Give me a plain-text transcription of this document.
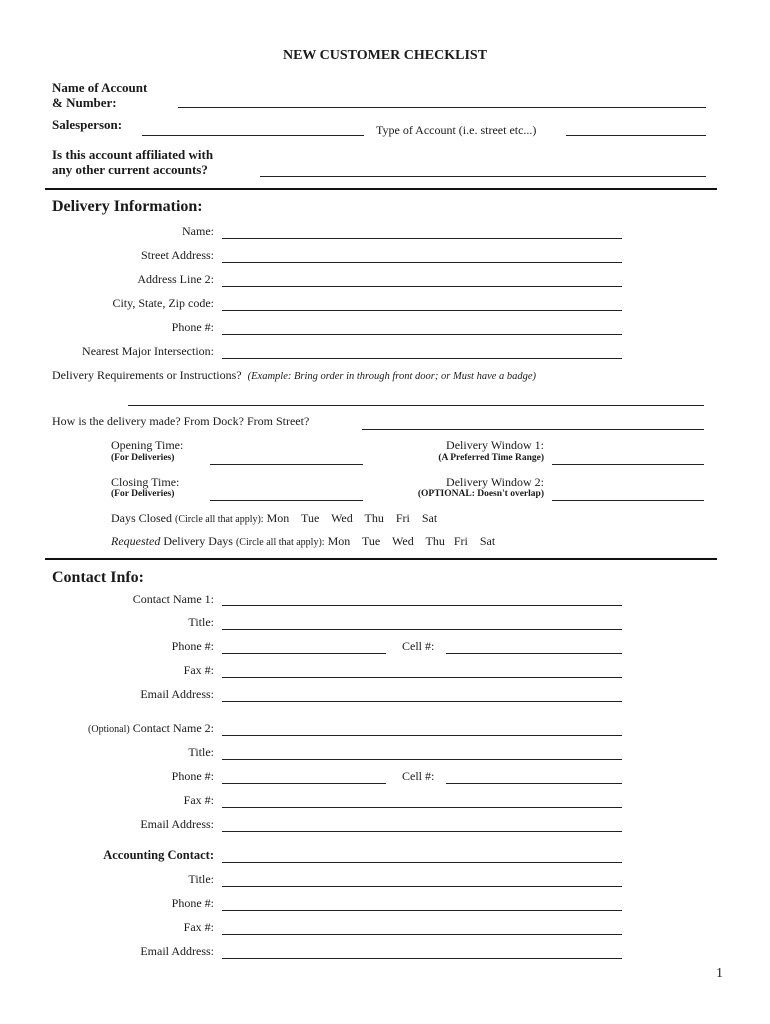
NEW CUSTOMER CHECKLIST
Name of Account
& Number:
Salesperson:	Type of Account (i.e. street etc...)
Is this account affiliated with
any other current accounts?
Delivery Information:
Name:
Street Address:
Address Line 2:
City, State, Zip code:
Phone #:
Nearest Major Intersection:
Delivery Requirements or Instructions? (Example: Bring order in through front door; or Must have a badge)
How is the delivery made? From Dock? From Street?
Opening Time:
(For Deliveries)
Delivery Window 1:
(A Preferred Time Range)
Closing Time:
(For Deliveries)
Delivery Window 2:
(OPTIONAL: Doesn't overlap)
Days Closed (Circle all that apply): Mon    Tue    Wed    Thu    Fri    Sat
Requested Delivery Days (Circle all that apply): Mon    Tue    Wed    Thu   Fri    Sat
Contact Info:
Contact Name 1:
Title:
Phone #:	Cell #:
Fax #:
Email Address:
(Optional) Contact Name 2:
Title:
Phone #:	Cell #:
Fax #:
Email Address:
Accounting Contact:
Title:
Phone #:
Fax #:
Email Address:
1
